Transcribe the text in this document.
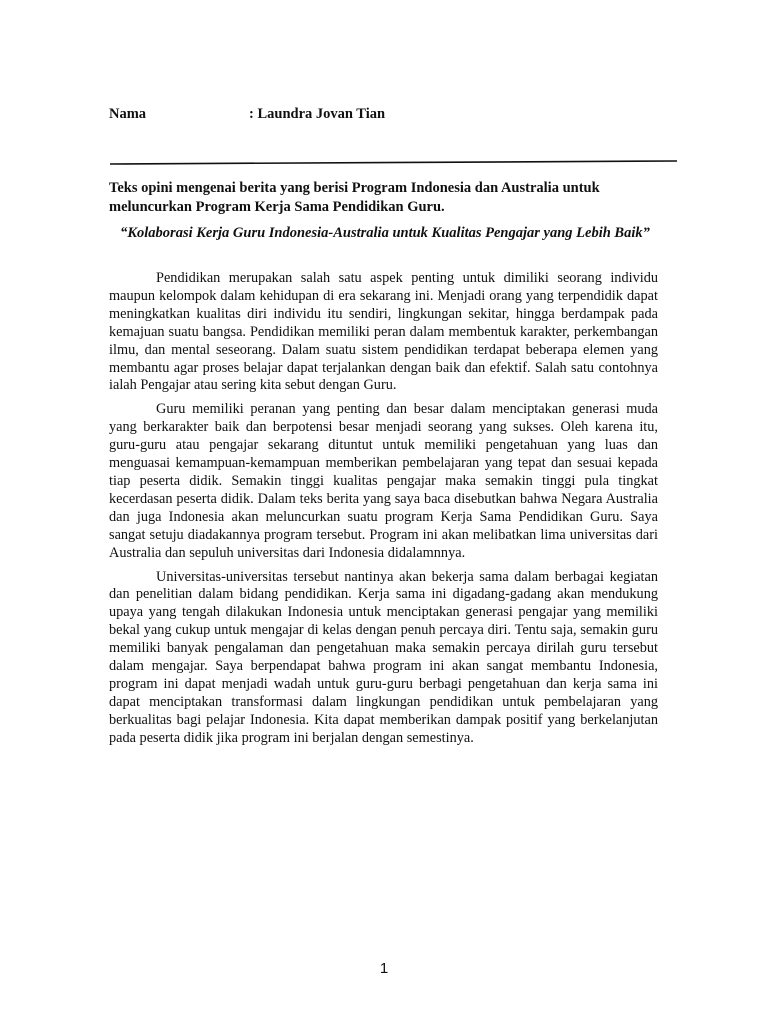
Nama	: Laundra Jovan Tian
Teks opini mengenai berita yang berisi Program Indonesia dan Australia untuk meluncurkan Program Kerja Sama Pendidikan Guru.
“Kolaborasi Kerja Guru Indonesia-Australia untuk Kualitas Pengajar yang Lebih Baik”

Pendidikan merupakan salah satu aspek penting untuk dimiliki seorang individu maupun kelompok dalam kehidupan di era sekarang ini. Menjadi orang yang terpendidik dapat meningkatkan kualitas diri individu itu sendiri, lingkungan sekitar, hingga berdampak pada kemajuan suatu bangsa. Pendidikan memiliki peran dalam membentuk karakter, perkembangan ilmu, dan mental seseorang. Dalam suatu sistem pendidikan terdapat beberapa elemen yang membantu agar proses belajar dapat terjalankan dengan baik dan efektif. Salah satu contohnya ialah Pengajar atau sering kita sebut dengan Guru.

Guru memiliki peranan yang penting dan besar dalam menciptakan generasi muda yang berkarakter baik dan berpotensi besar menjadi seorang yang sukses. Oleh karena itu, guru-guru atau pengajar sekarang dituntut untuk memiliki pengetahuan yang luas dan menguasai kemampuan-kemampuan memberikan pembelajaran yang tepat dan sesuai kepada tiap peserta didik. Semakin tinggi kualitas pengajar maka semakin tinggi pula tingkat kecerdasan peserta didik. Dalam teks berita yang saya baca disebutkan bahwa Negara Australia dan juga Indonesia akan meluncurkan suatu program Kerja Sama Pendidikan Guru. Saya sangat setuju diadakannya program tersebut. Program ini akan melibatkan lima universitas dari Australia dan sepuluh universitas dari Indonesia didalamnnya.

Universitas-universitas tersebut nantinya akan bekerja sama dalam berbagai kegiatan dan penelitian dalam bidang pendidikan. Kerja sama ini digadang-gadang akan mendukung upaya yang tengah dilakukan Indonesia untuk menciptakan generasi pengajar yang memiliki bekal yang cukup untuk mengajar di kelas dengan penuh percaya diri. Tentu saja, semakin guru memiliki banyak pengalaman dan pengetahuan maka semakin percaya dirilah guru tersebut dalam mengajar. Saya berpendapat bahwa program ini akan sangat membantu Indonesia, program ini dapat menjadi wadah untuk guru-guru berbagi pengetahuan dan kerja sama ini dapat menciptakan transformasi dalam lingkungan pendidikan untuk pembelajaran yang berkualitas bagi pelajar Indonesia. Kita dapat memberikan dampak positif yang berkelanjutan pada peserta didik jika program ini berjalan dengan semestinya.

1
